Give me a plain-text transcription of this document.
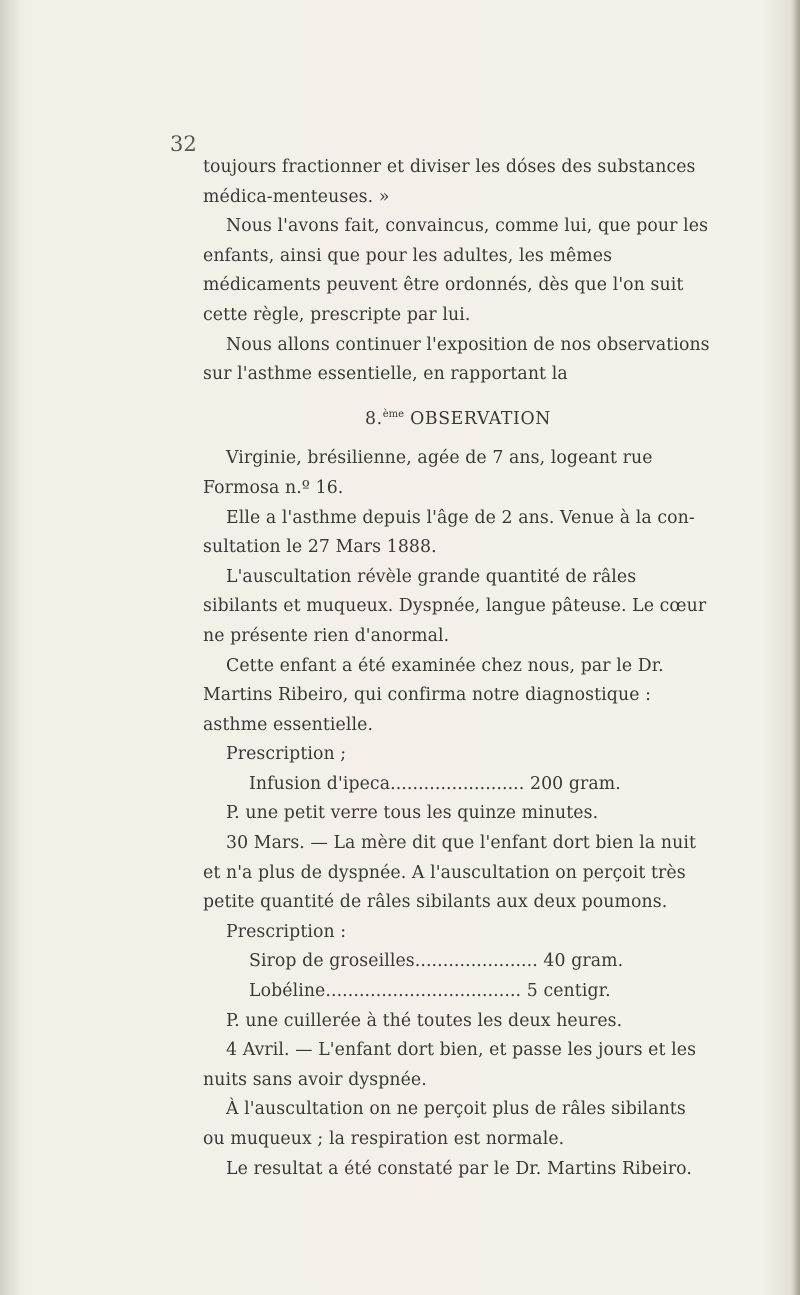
32

toujours fractionner et diviser les dóses des substances médica-menteuses. »

Nous l'avons fait, convaincus, comme lui, que pour les enfants, ainsi que pour les adultes, les mêmes médicaments peuvent être ordonnés, dès que l'on suit cette règle, prescripte par lui.

Nous allons continuer l'exposition de nos observations sur l'asthme essentielle, en rapportant la

8.$^{ème}$ OBSERVATION

Virginie, brésilienne, agée de 7 ans, logeant rue Formosa n.º 16.

Elle a l'asthme depuis l'âge de 2 ans. Venue à la con-sultation le 27 Mars 1888.

L'auscultation révèle grande quantité de râles sibilants et muqueux. Dyspnée, langue pâteuse. Le cœur ne présente rien d'anormal.

Cette enfant a été examinée chez nous, par le Dr. Martins Ribeiro, qui confirma notre diagnostique : asthme essentielle.

Prescription ;

Infusion d'ipeca........................ 200 gram.

P. une petit verre tous les quinze minutes.

30 Mars. — La mère dit que l'enfant dort bien la nuit et n'a plus de dyspnée. A l'auscultation on perçoit très petite quantité de râles sibilants aux deux poumons.

Prescription :

Sirop de groseilles...................... 40 gram.

Lobéline................................... 5 centigr.

P. une cuillerée à thé toutes les deux heures.

4 Avril. — L'enfant dort bien, et passe les jours et les nuits sans avoir dyspnée.

À l'auscultation on ne perçoit plus de râles sibilants ou muqueux ; la respiration est normale.

Le resultat a été constaté par le Dr. Martins Ribeiro.
